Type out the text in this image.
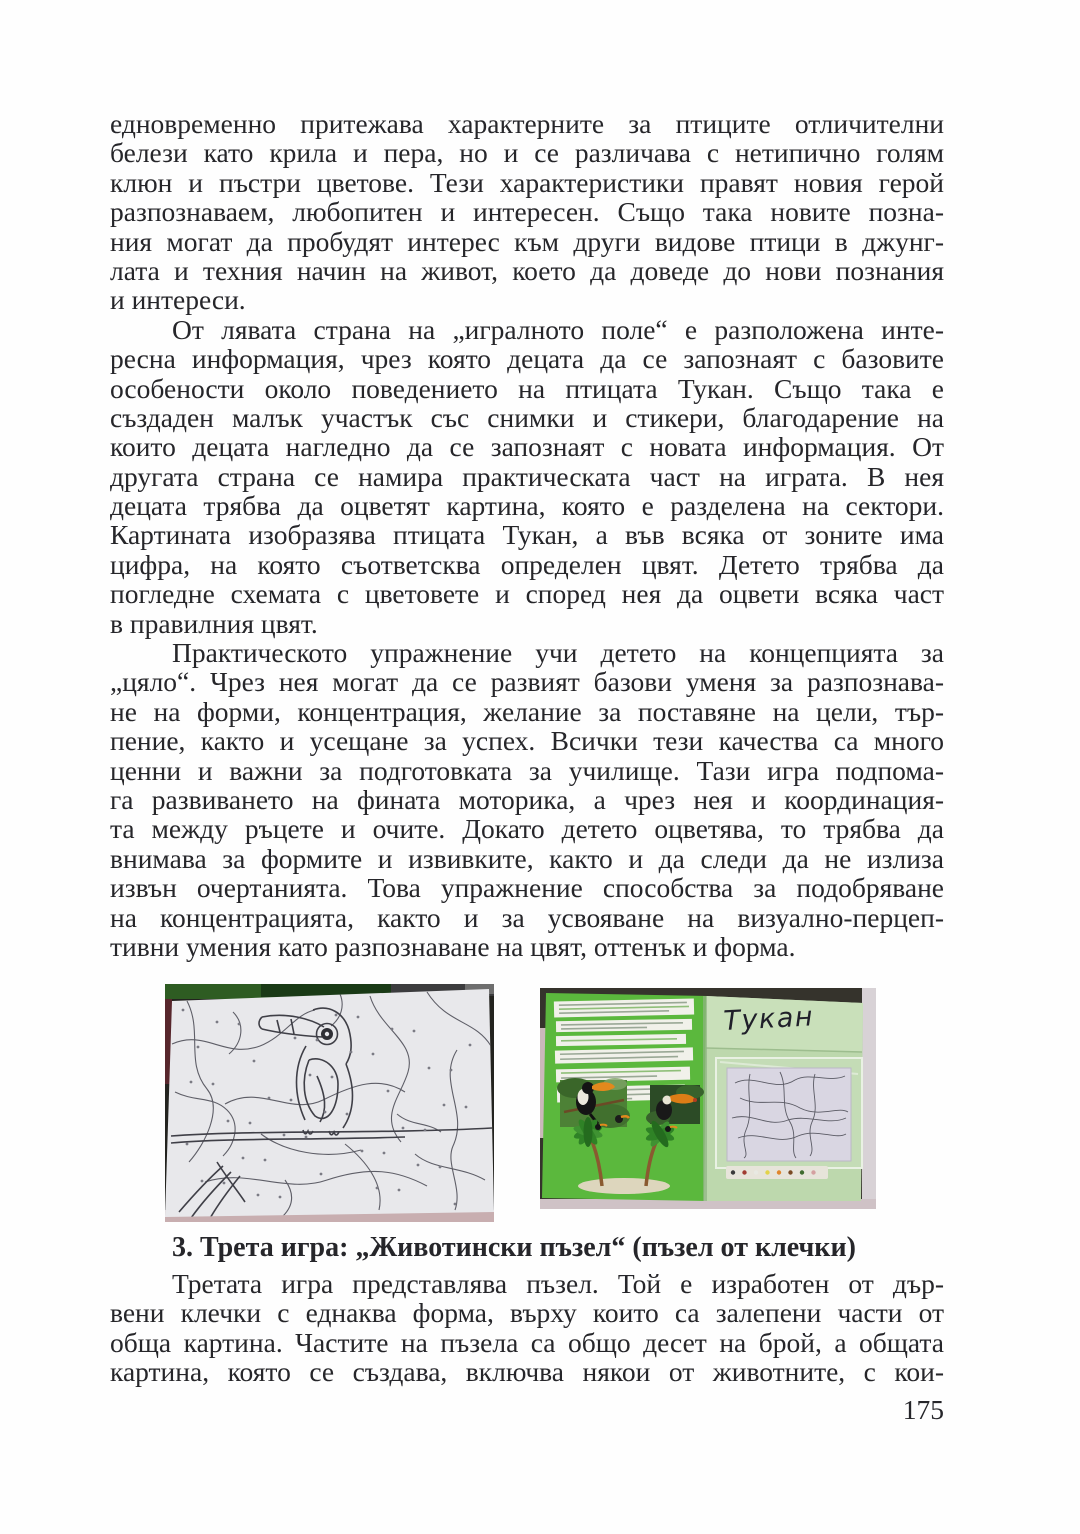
едновременно притежава характерните за птиците отличителни
белези като крила и пера, но и се различава с нетипично голям
клюн и пъстри цветове. Тези характеристики правят новия герой
разпознаваем, любопитен и интересен. Също така новите позна-
ния могат да пробудят интерес към други видове птици в джунг-
лата и техния начин на живот, което да доведе до нови познания
и интереси.
От лявата страна на „игралното поле“ е разположена инте-
ресна информация, чрез която децата да се запознаят с базовите
особености около поведението на птицата Тукан. Също така е
създаден малък участък със снимки и стикери, благодарение на
които децата нагледно да се запознаят с новата информация. От
другата страна се намира практическата част на играта. В нея
децата трябва да оцветят картина, която е разделена на сектори.
Картината изобразява птицата Тукан, а във всяка от зоните има
цифра, на която съответсква определен цвят. Детето трябва да
погледне схемата с цветовете и според нея да оцвети всяка част
в правилния цвят.
Практическото упражнение учи детето на концепцията за
„цяло“. Чрез нея могат да се развият базови уменя за разпознава-
не на форми, концентрация, желание за поставяне на цели, тър-
пение, както и усещане за успех. Всички тези качества са много
ценни и важни за подготовката за училище. Тази игра подпома-
га развиването на фината моторика, а чрез нея и координация-
та между ръцете и очите. Докато детето оцветява, то трябва да
внимава за формите и извивките, както и да следи да не излиза
извън очертанията. Това упражнение способства за подобряване
на концентрацията, както и за усвояване на визуално-перцеп-
тивни умения като разпознаване на цвят, оттенък и форма.
Тукан
3. Трета игра: „Животински пъзел“ (пъзел от клечки)
Третата игра представлява пъзел. Той е изработен от дър-
вени клечки с еднаква форма, върху които са залепени части от
обща картина. Частите на пъзела са общо десет на брой, а общата
картина, която се създава, включва някои от животните, с кои-
175
